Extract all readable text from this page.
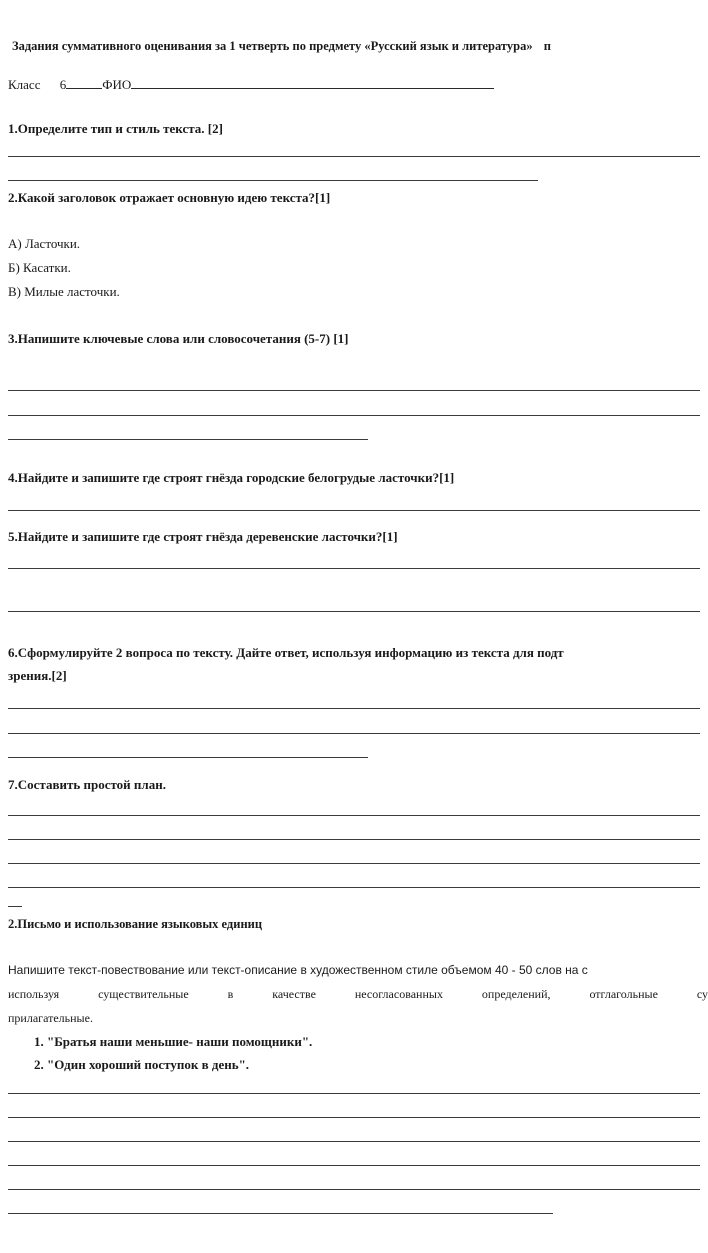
Задания суммативного оценивания за 1 четверть по предмету «Русский язык и литература» п
Класс 6	ФИО
1.Определите тип и стиль текста. [2]
2.Какой заголовок отражает основную идею текста?[1]
А) Ласточки.
Б) Касатки.
В) Милые ласточки.
3.Напишите ключевые слова или словосочетания (5-7) [1]
4.Найдите и запишите где строят гнёзда городские белогрудые ласточки?[1]
5.Найдите и запишите где строят гнёзда деревенские ласточки?[1]
6.Сформулируйте 2 вопроса по тексту. Дайте ответ, используя информацию из текста для подт
зрения.[2]
7.Составить простой план.
2.Письмо и использование языковых единиц
Напишите текст-повествование или текст-описание в художественном стиле объемом 40 - 50 слов на с
используя	существительные	в	качестве	несогласованных	определений,	отглагольные	су
прилагательные.
1. "Братья наши меньшие- наши помощники".
2. "Один хороший поступок в день".
